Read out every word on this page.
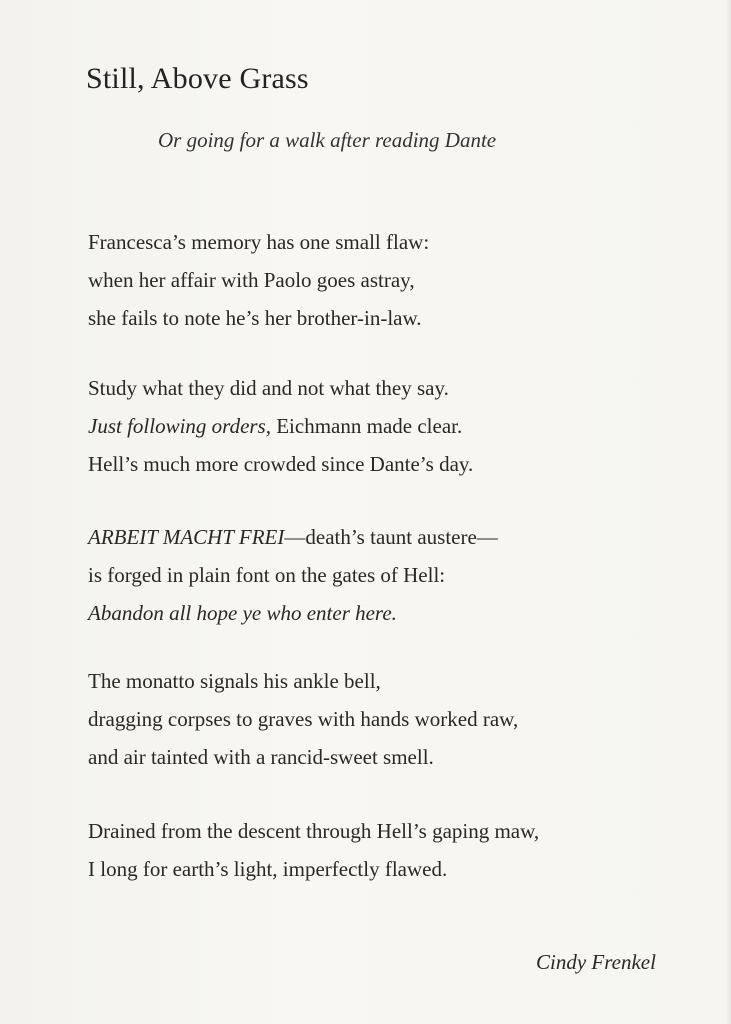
Still, Above Grass
Or going for a walk after reading Dante
Francesca’s memory has one small flaw:
when her affair with Paolo goes astray,
she fails to note he’s her brother-in-law.
Study what they did and not what they say.
Just following orders, Eichmann made clear.
Hell’s much more crowded since Dante’s day.
ARBEIT MACHT FREI—death’s taunt austere—
is forged in plain font on the gates of Hell:
Abandon all hope ye who enter here.
The monatto signals his ankle bell,
dragging corpses to graves with hands worked raw,
and air tainted with a rancid-sweet smell.
Drained from the descent through Hell’s gaping maw,
I long for earth’s light, imperfectly flawed.
Cindy Frenkel
